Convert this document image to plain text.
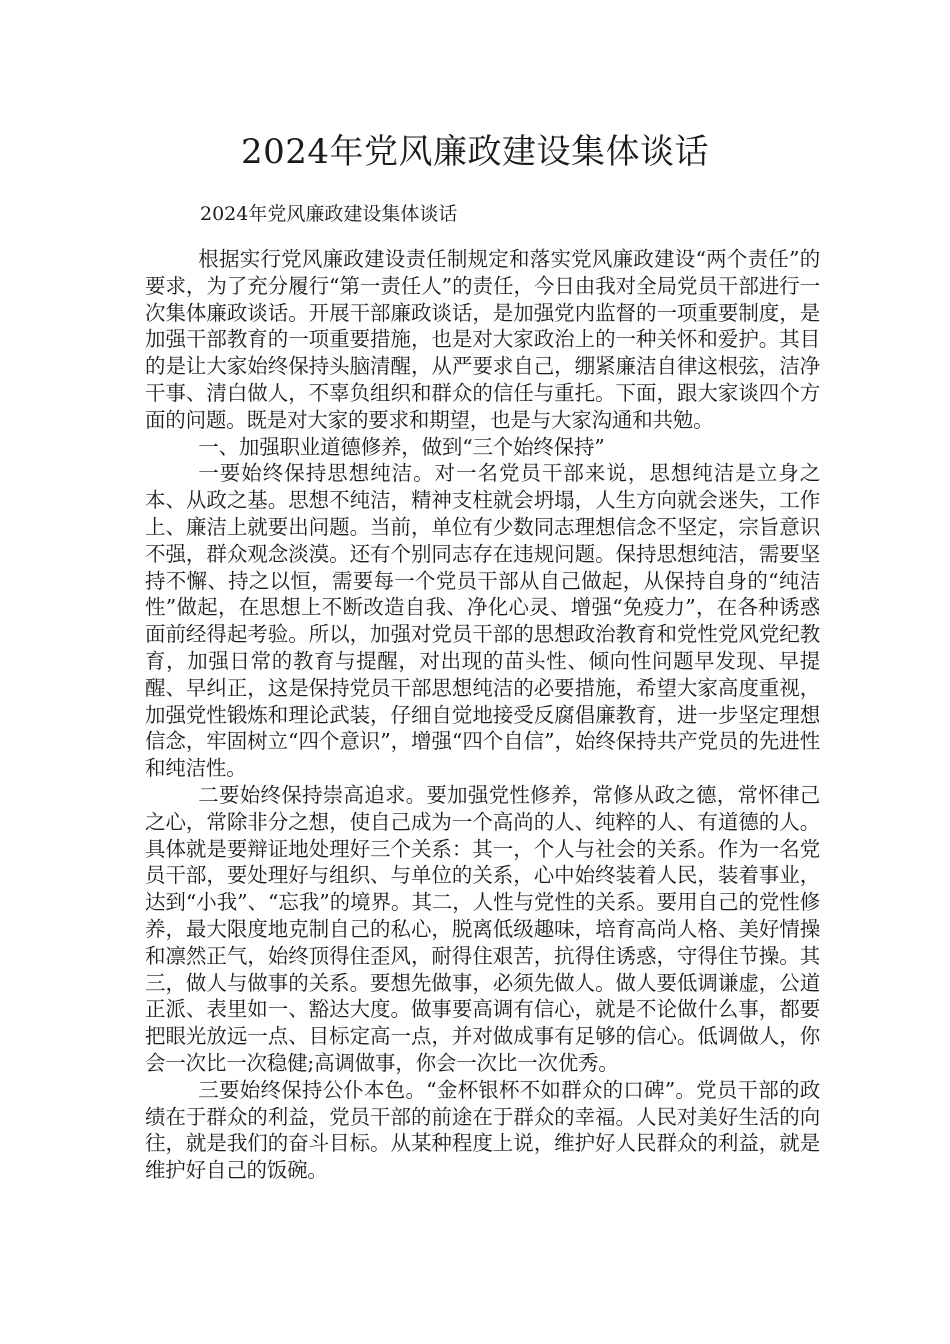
2024年党风廉政建设集体谈话
2024年党风廉政建设集体谈话

根据实行党风廉政建设责任制规定和落实党风廉政建设“两个责任”的要求，为了充分履行“第一责任人”的责任，今日由我对全局党员干部进行一次集体廉政谈话。开展干部廉政谈话，是加强党内监督的一项重要制度，是加强干部教育的一项重要措施，也是对大家政治上的一种关怀和爱护。其目的是让大家始终保持头脑清醒，从严要求自己，绷紧廉洁自律这根弦，洁净干事、清白做人，不辜负组织和群众的信任与重托。下面，跟大家谈四个方面的问题。既是对大家的要求和期望，也是与大家沟通和共勉。

一、加强职业道德修养，做到“三个始终保持”

一要始终保持思想纯洁。对一名党员干部来说，思想纯洁是立身之本、从政之基。思想不纯洁，精神支柱就会坍塌，人生方向就会迷失，工作上、廉洁上就要出问题。当前，单位有少数同志理想信念不坚定，宗旨意识不强，群众观念淡漠。还有个别同志存在违规问题。保持思想纯洁，需要坚持不懈、持之以恒，需要每一个党员干部从自己做起，从保持自身的“纯洁性”做起，在思想上不断改造自我、净化心灵、增强“免疫力”，在各种诱惑面前经得起考验。所以，加强对党员干部的思想政治教育和党性党风党纪教育，加强日常的教育与提醒，对出现的苗头性、倾向性问题早发现、早提醒、早纠正，这是保持党员干部思想纯洁的必要措施，希望大家高度重视，加强党性锻炼和理论武装，仔细自觉地接受反腐倡廉教育，进一步坚定理想信念，牢固树立“四个意识”，增强“四个自信”，始终保持共产党员的先进性和纯洁性。

二要始终保持崇高追求。要加强党性修养，常修从政之德，常怀律己之心，常除非分之想，使自己成为一个高尚的人、纯粹的人、有道德的人。具体就是要辩证地处理好三个关系：其一，个人与社会的关系。作为一名党员干部，要处理好与组织、与单位的关系，心中始终装着人民，装着事业，达到“小我”、“忘我”的境界。其二，人性与党性的关系。要用自己的党性修养，最大限度地克制自己的私心，脱离低级趣味，培育高尚人格、美好情操和凛然正气，始终顶得住歪风，耐得住艰苦，抗得住诱惑，守得住节操。其三，做人与做事的关系。要想先做事，必须先做人。做人要低调谦虚，公道正派、表里如一、豁达大度。做事要高调有信心，就是不论做什么事，都要把眼光放远一点、目标定高一点，并对做成事有足够的信心。低调做人，你会一次比一次稳健;高调做事，你会一次比一次优秀。

三要始终保持公仆本色。“金杯银杯不如群众的口碑”。党员干部的政绩在于群众的利益，党员干部的前途在于群众的幸福。人民对美好生活的向往，就是我们的奋斗目标。从某种程度上说，维护好人民群众的利益，就是维护好自己的饭碗。
